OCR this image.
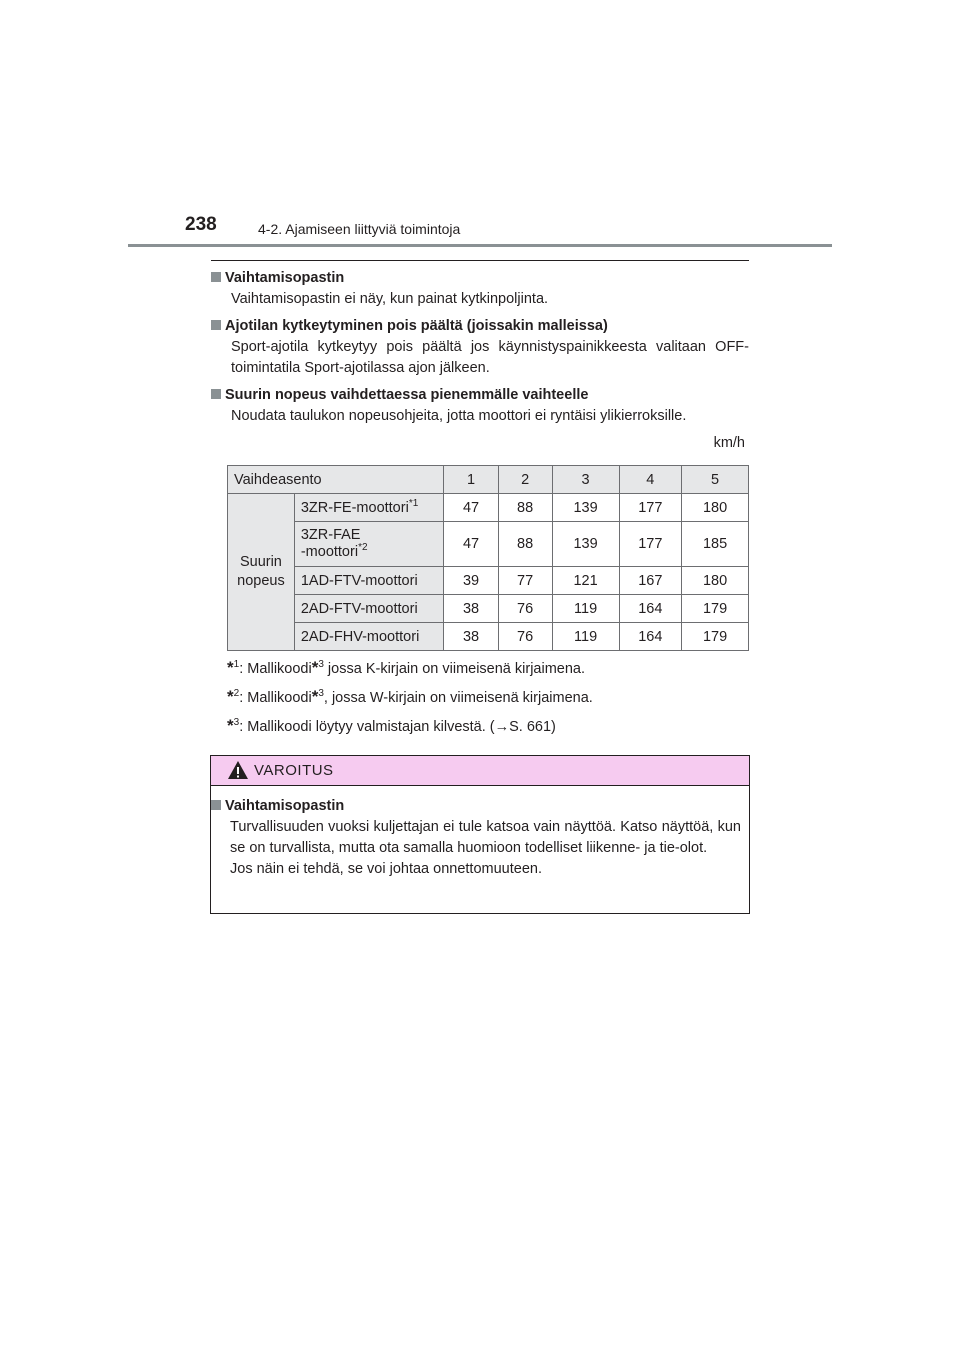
238	4-2. Ajamiseen liittyviä toimintoja
Vaihtamisopastin
Vaihtamisopastin ei näy, kun painat kytkinpoljinta.
Ajotilan kytkeytyminen pois päältä (joissakin malleissa)
Sport-ajotila kytkeytyy pois päältä jos käynnistyspainikkeesta valitaan OFF-toimintatila Sport-ajotilassa ajon jälkeen.
Suurin nopeus vaihdettaessa pienemmälle vaihteelle
Noudata taulukon nopeusohjeita, jotta moottori ei ryntäisi ylikierroksille.
km/h
Vaihdeasento		1	2	3	4	5
Suurin
nopeus	3ZR-FE-moottori$^{*1}$	47	88	139	177	180
	3ZR-FAE
-moottori$^{*2}$	47	88	139	177	185
	1AD-FTV-moottori	39	77	121	167	180
	2AD-FTV-moottori	38	76	119	164	179
	2AD-FHV-moottori	38	76	119	164	179
*$^1$: Mallikoodi*$^3$ jossa K-kirjain on viimeisenä kirjaimena.
*$^2$: Mallikoodi*$^3$, jossa W-kirjain on viimeisenä kirjaimena.
*$^3$: Mallikoodi löytyy valmistajan kilvestä. (→S. 661)
VAROITUS
Vaihtamisopastin
Turvallisuuden vuoksi kuljettajan ei tule katsoa vain näyttöä. Katso näyttöä, kun se on turvallista, mutta ota samalla huomioon todelliset liikenne- ja tie-olot.
Jos näin ei tehdä, se voi johtaa onnettomuuteen.
